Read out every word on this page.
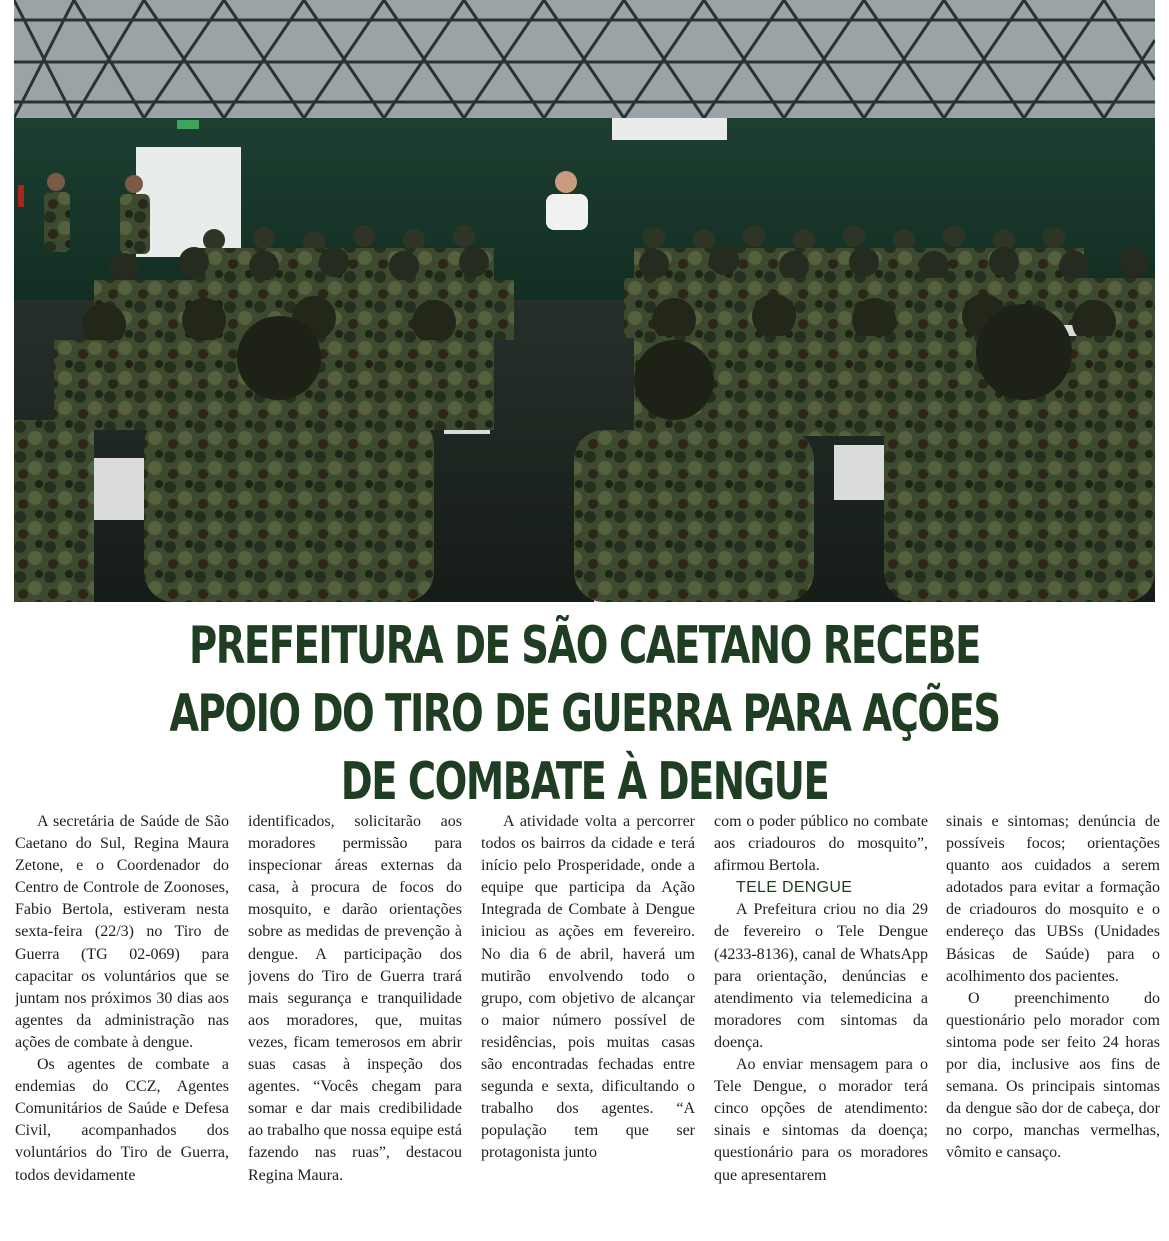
PREFEITURA DE SÃO CAETANO RECEBE APOIO DO TIRO DE GUERRA PARA AÇÕES DE COMBATE À DENGUE

A secretária de Saúde de São Caetano do Sul, Regina Maura Zetone, e o Coordenador do Centro de Controle de Zoonoses, Fabio Bertola, estiveram nesta sexta-feira (22/3) no Tiro de Guerra (TG 02-069) para capacitar os voluntários que se juntam nos próximos 30 dias aos agentes da administração nas ações de combate à dengue.

Os agentes de combate a endemias do CCZ, Agentes Comunitários de Saúde e Defesa Civil, acompanhados dos voluntários do Tiro de Guerra, todos devidamente

identificados, solicitarão aos moradores permissão para inspecionar áreas externas da casa, à procura de focos do mosquito, e darão orientações sobre as medidas de prevenção à dengue. A participação dos jovens do Tiro de Guerra trará mais segurança e tranquilidade aos moradores, que, muitas vezes, ficam temerosos em abrir suas casas à inspeção dos agentes. “Vocês chegam para somar e dar mais credibilidade ao trabalho que nossa equipe está fazendo nas ruas”, destacou Regina Maura.

A atividade volta a percorrer todos os bairros da cidade e terá início pelo Prosperidade, onde a equipe que participa da Ação Integrada de Combate à Dengue iniciou as ações em fevereiro. No dia 6 de abril, haverá um mutirão envolvendo todo o grupo, com objetivo de alcançar o maior número possível de residências, pois muitas casas são encontradas fechadas entre segunda e sexta, dificultando o trabalho dos agentes. “A população tem que ser protagonista junto

com o poder público no combate aos criadouros do mosquito”, afirmou Bertola.

TELE DENGUE

A Prefeitura criou no dia 29 de fevereiro o Tele Dengue (4233-8136), canal de WhatsApp para orientação, denúncias e atendimento via telemedicina a moradores com sintomas da doença.

Ao enviar mensagem para o Tele Dengue, o morador terá cinco opções de atendimento: sinais e sintomas da doença; questionário para os moradores que apresentarem

sinais e sintomas; denúncia de possíveis focos; orientações quanto aos cuidados a serem adotados para evitar a formação de criadouros do mosquito e o endereço das UBSs (Unidades Básicas de Saúde) para o acolhimento dos pacientes.

O preenchimento do questionário pelo morador com sintoma pode ser feito 24 horas por dia, inclusive aos fins de semana. Os principais sintomas da dengue são dor de cabeça, dor no corpo, manchas vermelhas, vômito e cansaço.
